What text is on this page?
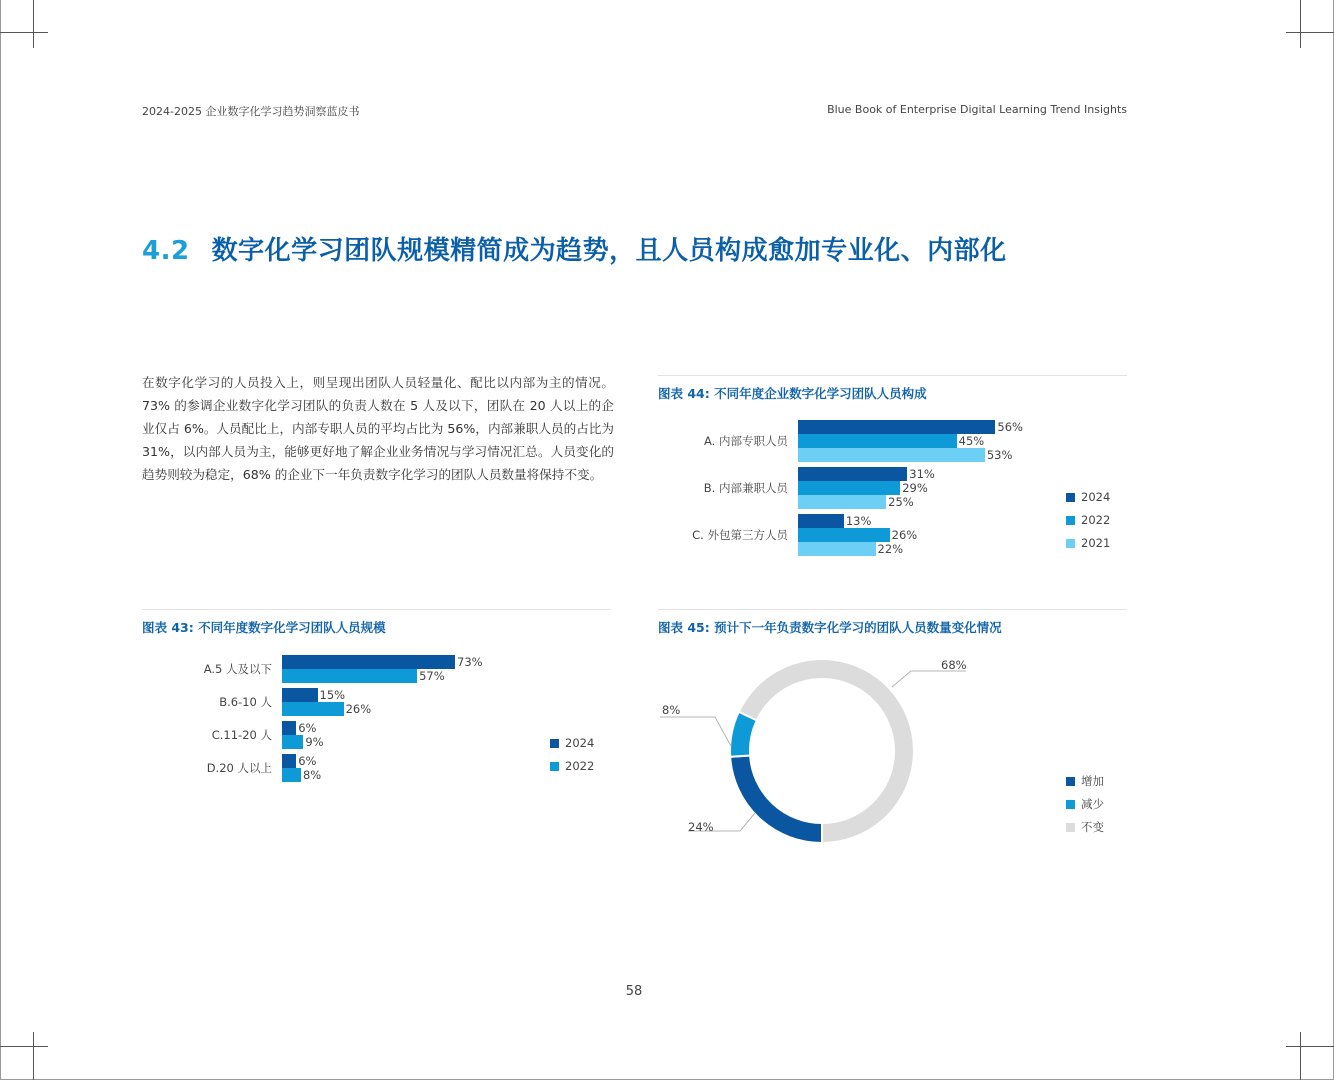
2024-2025 企业数字化学习趋势洞察蓝皮书	Blue Book of Enterprise Digital Learning Trend Insights
4.2 数字化学习团队规模精简成为趋势，且人员构成愈加专业化、内部化
在数字化学习的人员投入上，则呈现出团队人员轻量化、配比以内部为主的情况。73% 的参调企业数字化学习团队的负责人数在 5 人及以下，团队在 20 人以上的企业仅占 6%。人员配比上，内部专职人员的平均占比为 56%，内部兼职人员的占比为 31%，以内部人员为主，能够更好地了解企业业务情况与学习情况汇总。人员变化的趋势则较为稳定，68% 的企业下一年负责数字化学习的团队人员数量将保持不变。
图表 44: 不同年度企业数字化学习团队人员构成
A. 内部专职人员
56%
45%
53%
B. 内部兼职人员
31%
29%
25%
C. 外包第三方人员
13%
26%
22%
2024
2022
2021
图表 43: 不同年度数字化学习团队人员规模
A.5 人及以下	73%
57%
B.6-10 人	15%
26%
C.11-20 人 6%
9%
D.20 人以上 6%
8%
2024
2022
图表 45: 预计下一年负责数字化学习的团队人员数量变化情况
24%
8%
68%
增加
减少
不变
58
